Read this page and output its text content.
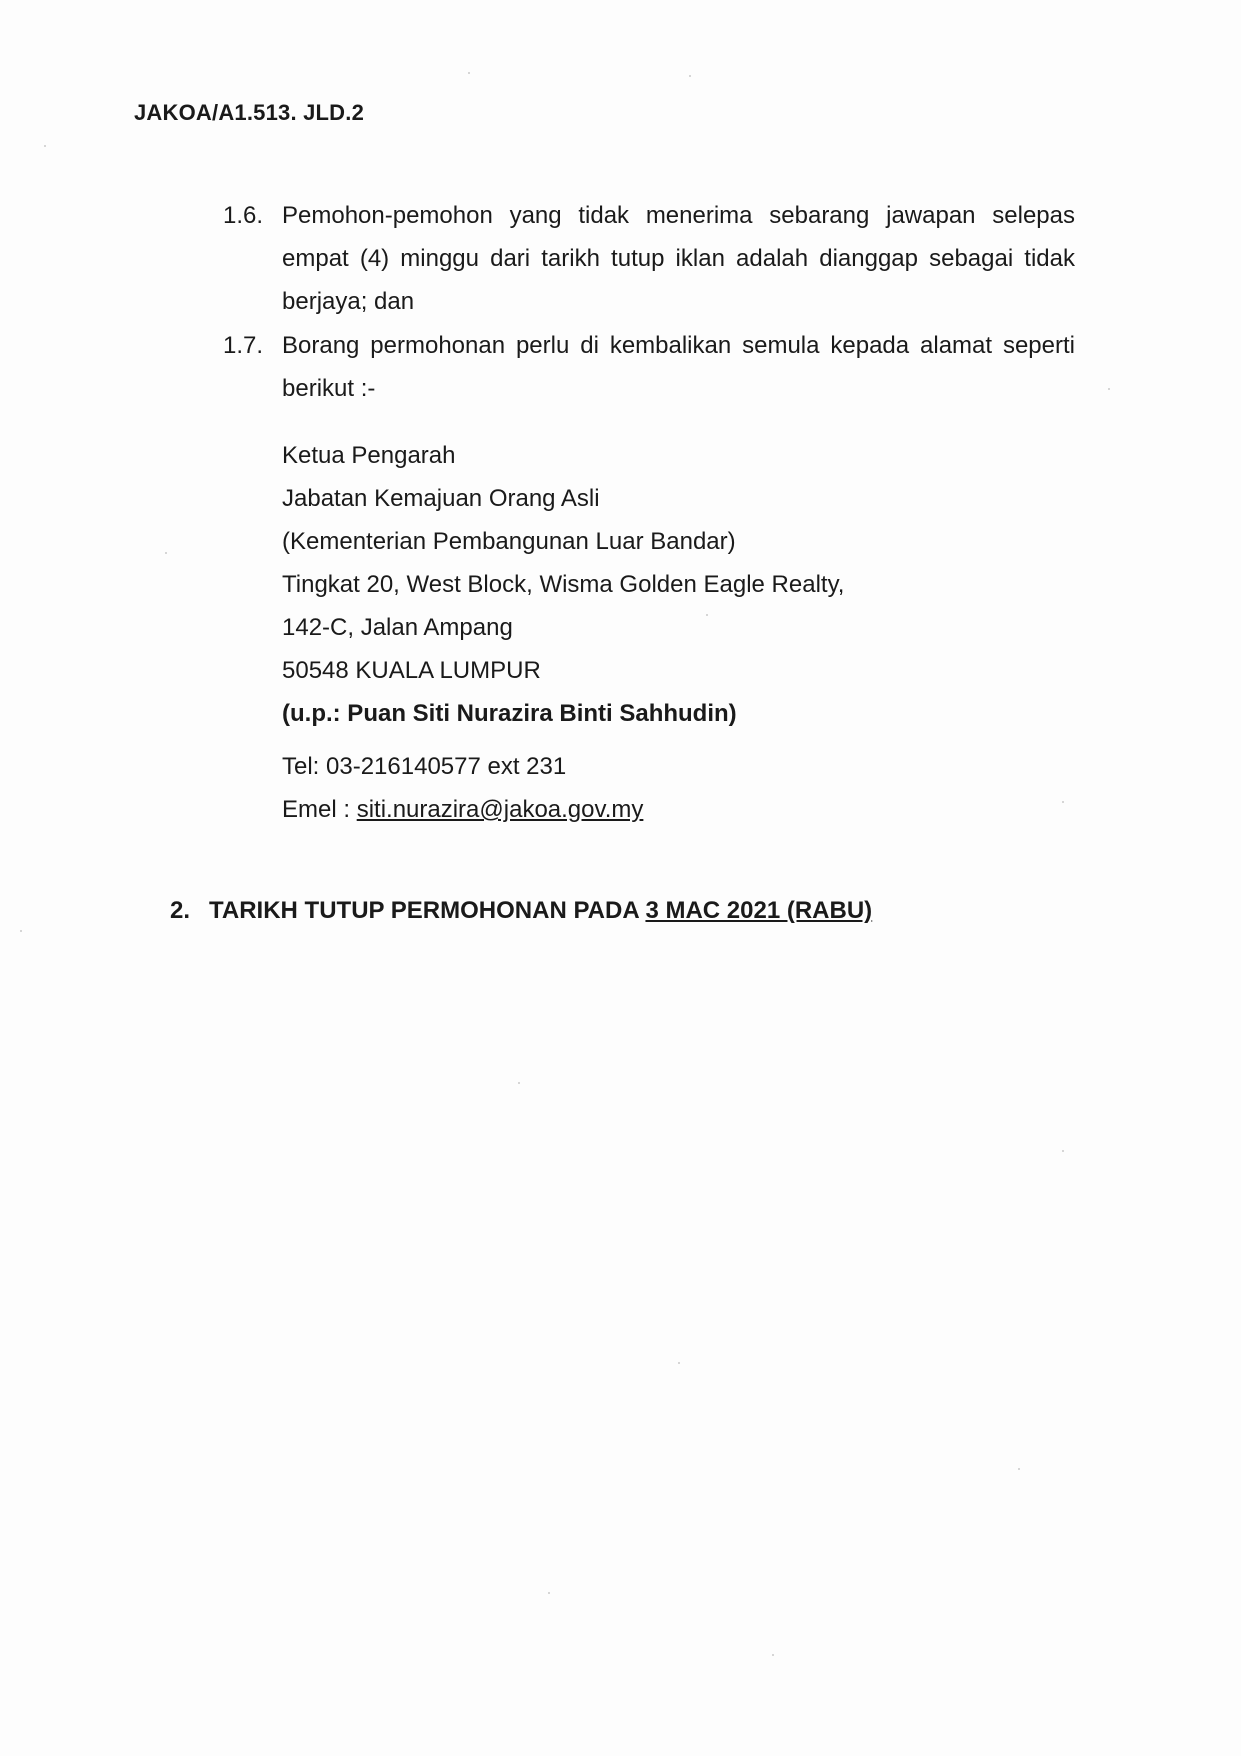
JAKOA/A1.513. JLD.2
1.6. Pemohon-pemohon yang tidak menerima sebarang jawapan selepas empat (4) minggu dari tarikh tutup iklan adalah dianggap sebagai tidak berjaya; dan
1.7. Borang permohonan perlu di kembalikan semula kepada alamat seperti berikut :-
Ketua Pengarah
Jabatan Kemajuan Orang Asli
(Kementerian Pembangunan Luar Bandar)
Tingkat 20, West Block, Wisma Golden Eagle Realty,
142-C, Jalan Ampang
50548 KUALA LUMPUR
(u.p.: Puan Siti Nurazira Binti Sahhudin)
Tel: 03-216140577 ext 231
Emel : siti.nurazira@jakoa.gov.my
2. TARIKH TUTUP PERMOHONAN PADA 3 MAC 2021 (RABU)
